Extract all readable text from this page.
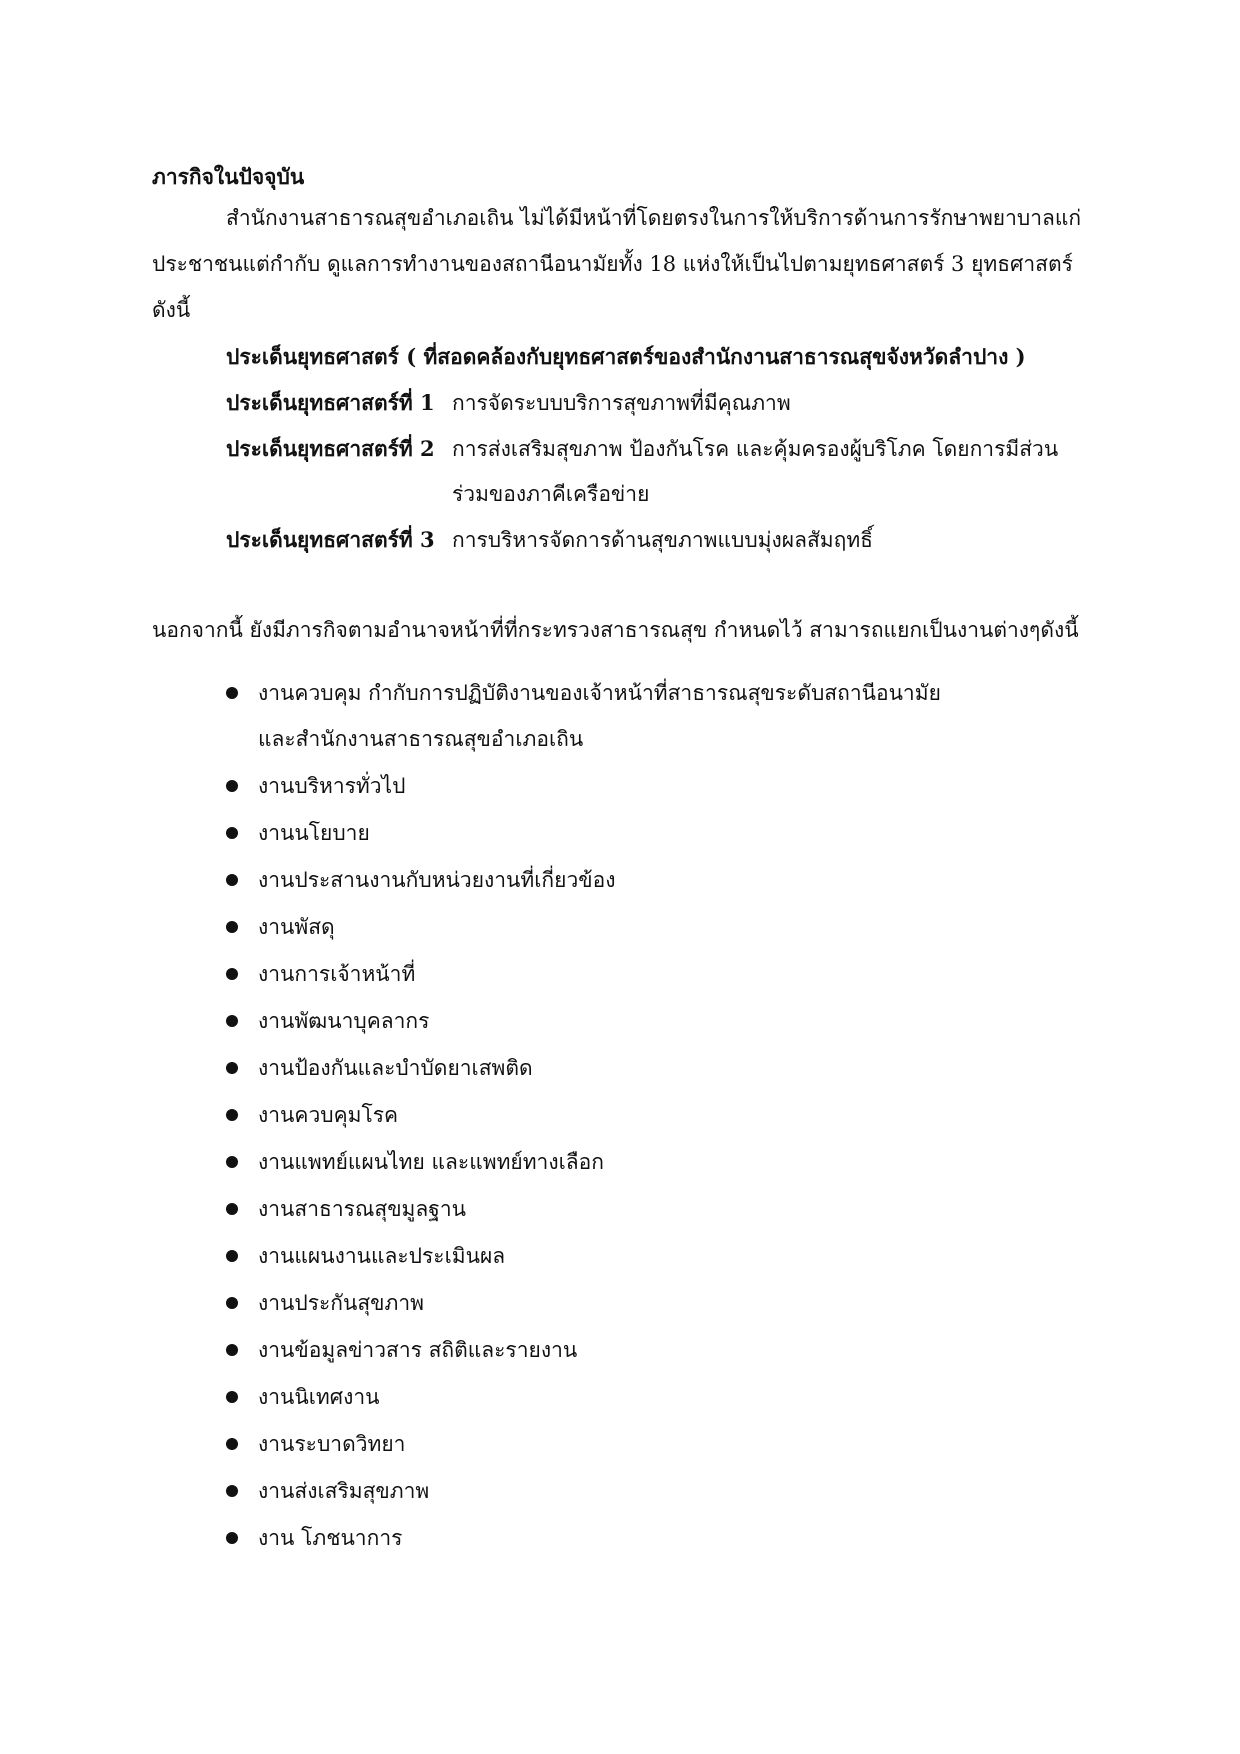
ภารกิจในปัจจุบัน
สำนักงานสาธารณสุขอำเภอเถิน ไม่ได้มีหน้าที่โดยตรงในการให้บริการด้านการรักษาพยาบาลแก่
ประชาชนแต่กำกับ ดูแลการทำงานของสถานีอนามัยทั้ง 18 แห่งให้เป็นไปตามยุทธศาสตร์ 3 ยุทธศาสตร์
ดังนี้
ประเด็นยุทธศาสตร์ ( ที่สอดคล้องกับยุทธศาสตร์ของสำนักงานสาธารณสุขจังหวัดลำปาง )
ประเด็นยุทธศาสตร์ที่ 1 การจัดระบบบริการสุขภาพที่มีคุณภาพ
ประเด็นยุทธศาสตร์ที่ 2 การส่งเสริมสุขภาพ ป้องกันโรค และคุ้มครองผู้บริโภค โดยการมีส่วน
ร่วมของภาคีเครือข่าย
ประเด็นยุทธศาสตร์ที่ 3 การบริหารจัดการด้านสุขภาพแบบมุ่งผลสัมฤทธิ์
นอกจากนี้ ยังมีภารกิจตามอำนาจหน้าที่ที่กระทรวงสาธารณสุข กำหนดไว้ สามารถแยกเป็นงานต่างๆดังนี้
งานควบคุม กำกับการปฏิบัติงานของเจ้าหน้าที่สาธารณสุขระดับสถานีอนามัย
และสำนักงานสาธารณสุขอำเภอเถิน
งานบริหารทั่วไป
งานนโยบาย
งานประสานงานกับหน่วยงานที่เกี่ยวข้อง
งานพัสดุ
งานการเจ้าหน้าที่
งานพัฒนาบุคลากร
งานป้องกันและบำบัดยาเสพติด
งานควบคุมโรค
งานแพทย์แผนไทย และแพทย์ทางเลือก
งานสาธารณสุขมูลฐาน
งานแผนงานและประเมินผล
งานประกันสุขภาพ
งานข้อมูลข่าวสาร สถิติและรายงาน
งานนิเทศงาน
งานระบาดวิทยา
งานส่งเสริมสุขภาพ
งาน โภชนาการ
